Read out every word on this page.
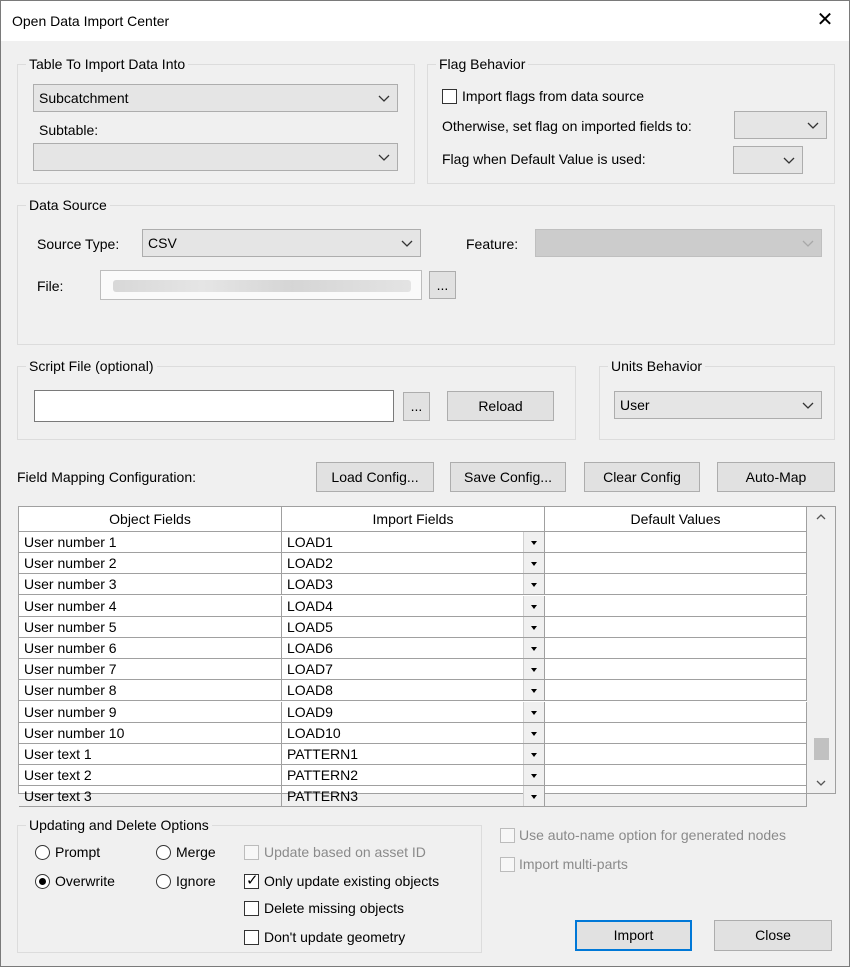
Open Data Import Center	✕
Table To Import Data Into
Subcatchment
Subtable:
Flag Behavior
Import flags from data source
Otherwise, set flag on imported fields to:
Flag when Default Value is used:
Data Source
Source Type: CSV	Feature:
File:	...
Script File (optional)
...	Reload
Units Behavior
User
Field Mapping Configuration:	Load Config...	Save Config...	Clear Config	Auto-Map
Object Fields	Import Fields	Default Values
User number 1	LOAD1
User number 2	LOAD2
User number 3	LOAD3
User number 4	LOAD4
User number 5	LOAD5
User number 6	LOAD6
User number 7	LOAD7
User number 8	LOAD8
User number 9	LOAD9
User number 10	LOAD10
User text 1	PATTERN1
User text 2	PATTERN2
User text 3	PATTERN3
Updating and Delete Options
Prompt	Merge
Overwrite	Ignore
Update based on asset ID
✓ Only update existing objects
Delete missing objects
Don't update geometry
Use auto-name option for generated nodes
Import multi-parts
Import	Close
